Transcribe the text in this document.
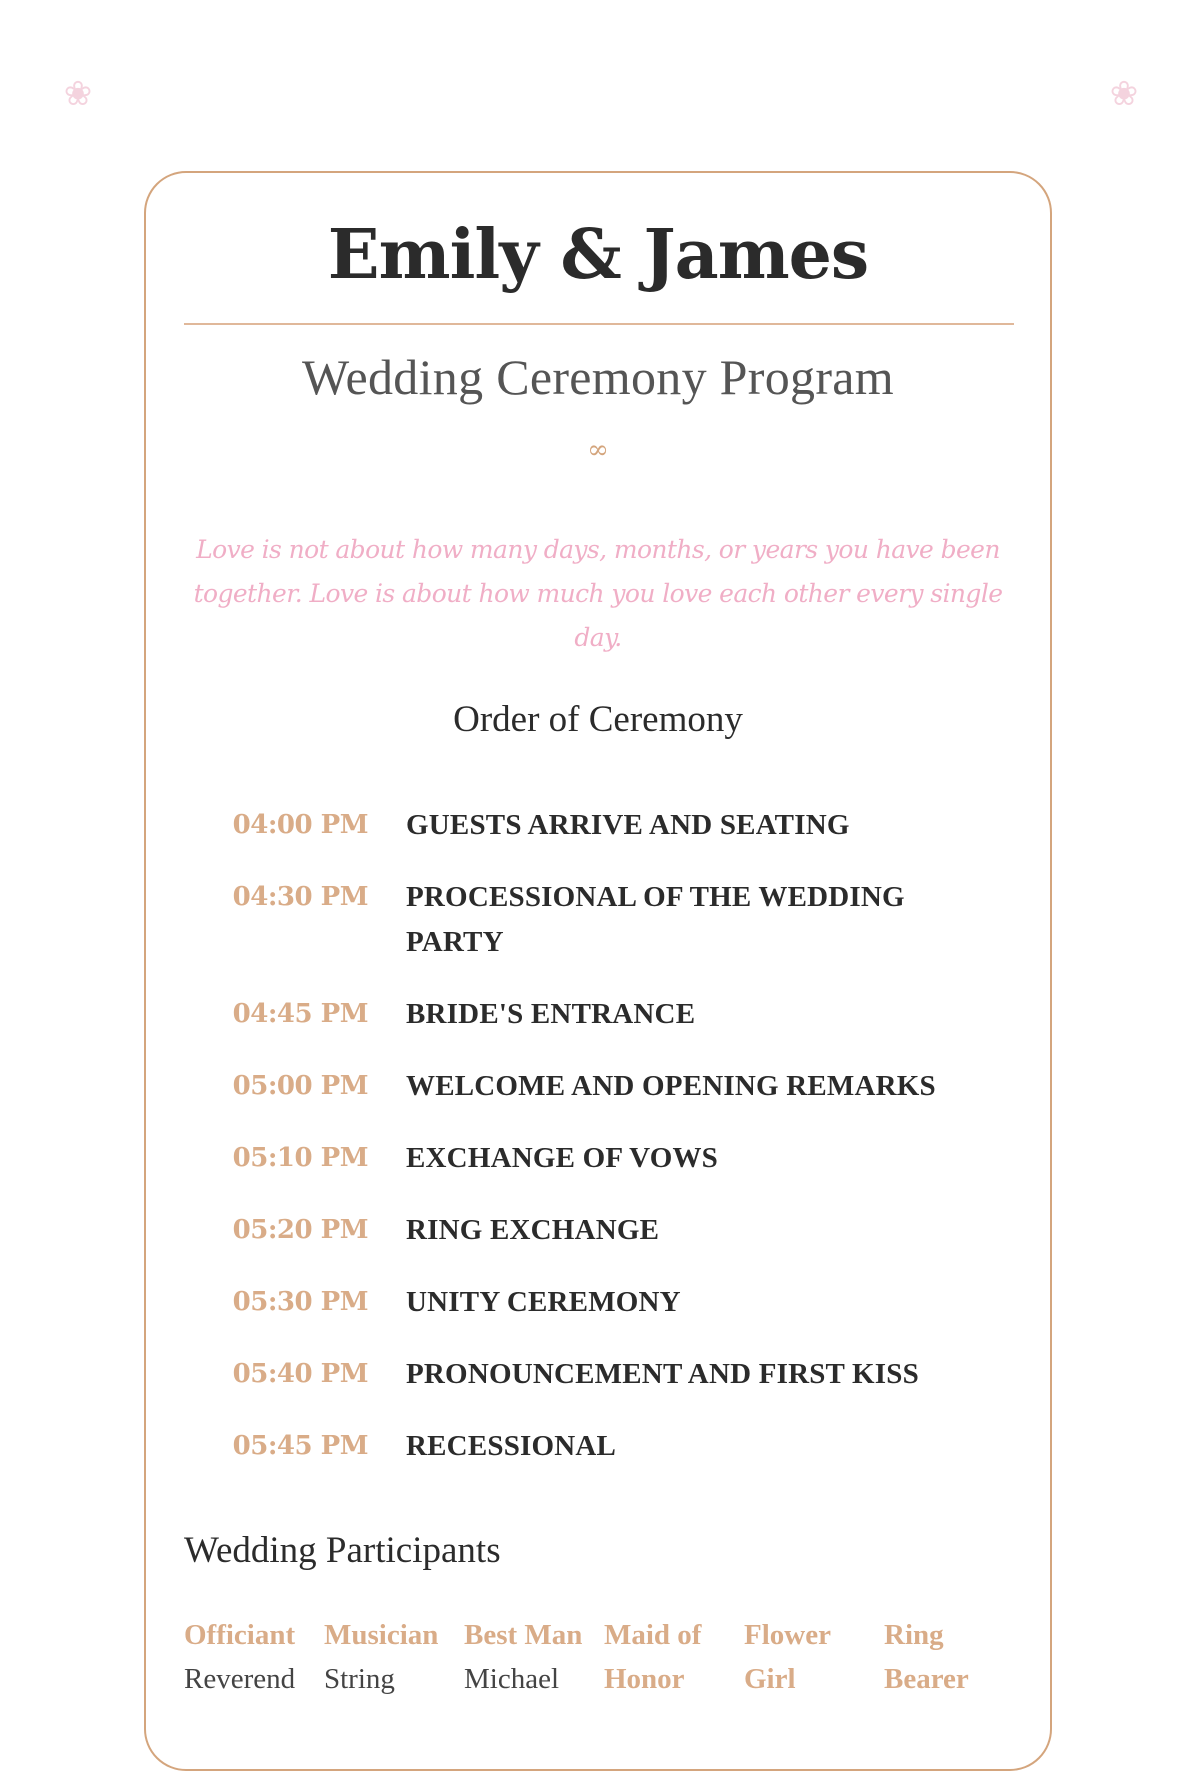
❀	❀
Emily & James
Wedding Ceremony Program
∞
Love is not about how many days, months, or years you have been together. Love is about how much you love each other every single day.
Order of Ceremony
04:00 PM GUESTS ARRIVE AND SEATING
04:30 PM PROCESSIONAL OF THE WEDDING PARTY
04:45 PM BRIDE'S ENTRANCE
05:00 PM WELCOME AND OPENING REMARKS
05:10 PM EXCHANGE OF VOWS
05:20 PM RING EXCHANGE
05:30 PM UNITY CEREMONY
05:40 PM PRONOUNCEMENT AND FIRST KISS
05:45 PM RECESSIONAL
Wedding Participants
Officiant
Reverend
Musician
String
Best Man
Michael
Maid of Honor
Flower Girl
Ring Bearer
